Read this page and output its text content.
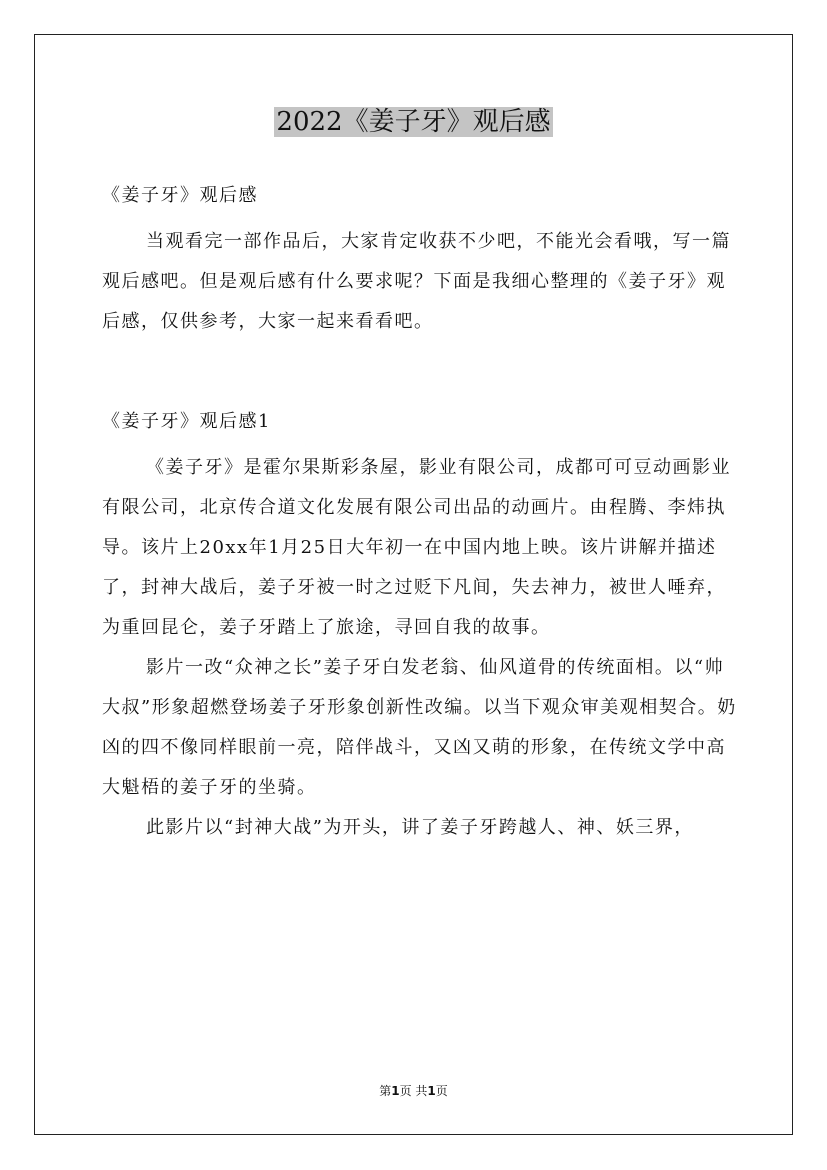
2022《姜子牙》观后感

《姜子牙》观后感

当观看完一部作品后，大家肯定收获不少吧，不能光会看哦，写一篇观后感吧。但是观后感有什么要求呢？下面是我细心整理的《姜子牙》观后感，仅供参考，大家一起来看看吧。

《姜子牙》观后感1

《姜子牙》是霍尔果斯彩条屋，影业有限公司，成都可可豆动画影业有限公司，北京传合道文化发展有限公司出品的动画片。由程腾、李炜执导。该片上20xx年1月25日大年初一在中国内地上映。该片讲解并描述了，封神大战后，姜子牙被一时之过贬下凡间，失去神力，被世人唾弃，为重回昆仑，姜子牙踏上了旅途，寻回自我的故事。

影片一改“众神之长”姜子牙白发老翁、仙风道骨的传统面相。以“帅大叔”形象超燃登场姜子牙形象创新性改编。以当下观众审美观相契合。奶凶的四不像同样眼前一亮，陪伴战斗，又凶又萌的形象，在传统文学中高大魁梧的姜子牙的坐骑。

此影片以“封神大战”为开头，讲了姜子牙跨越人、神、妖三界，

第1页 共1页
